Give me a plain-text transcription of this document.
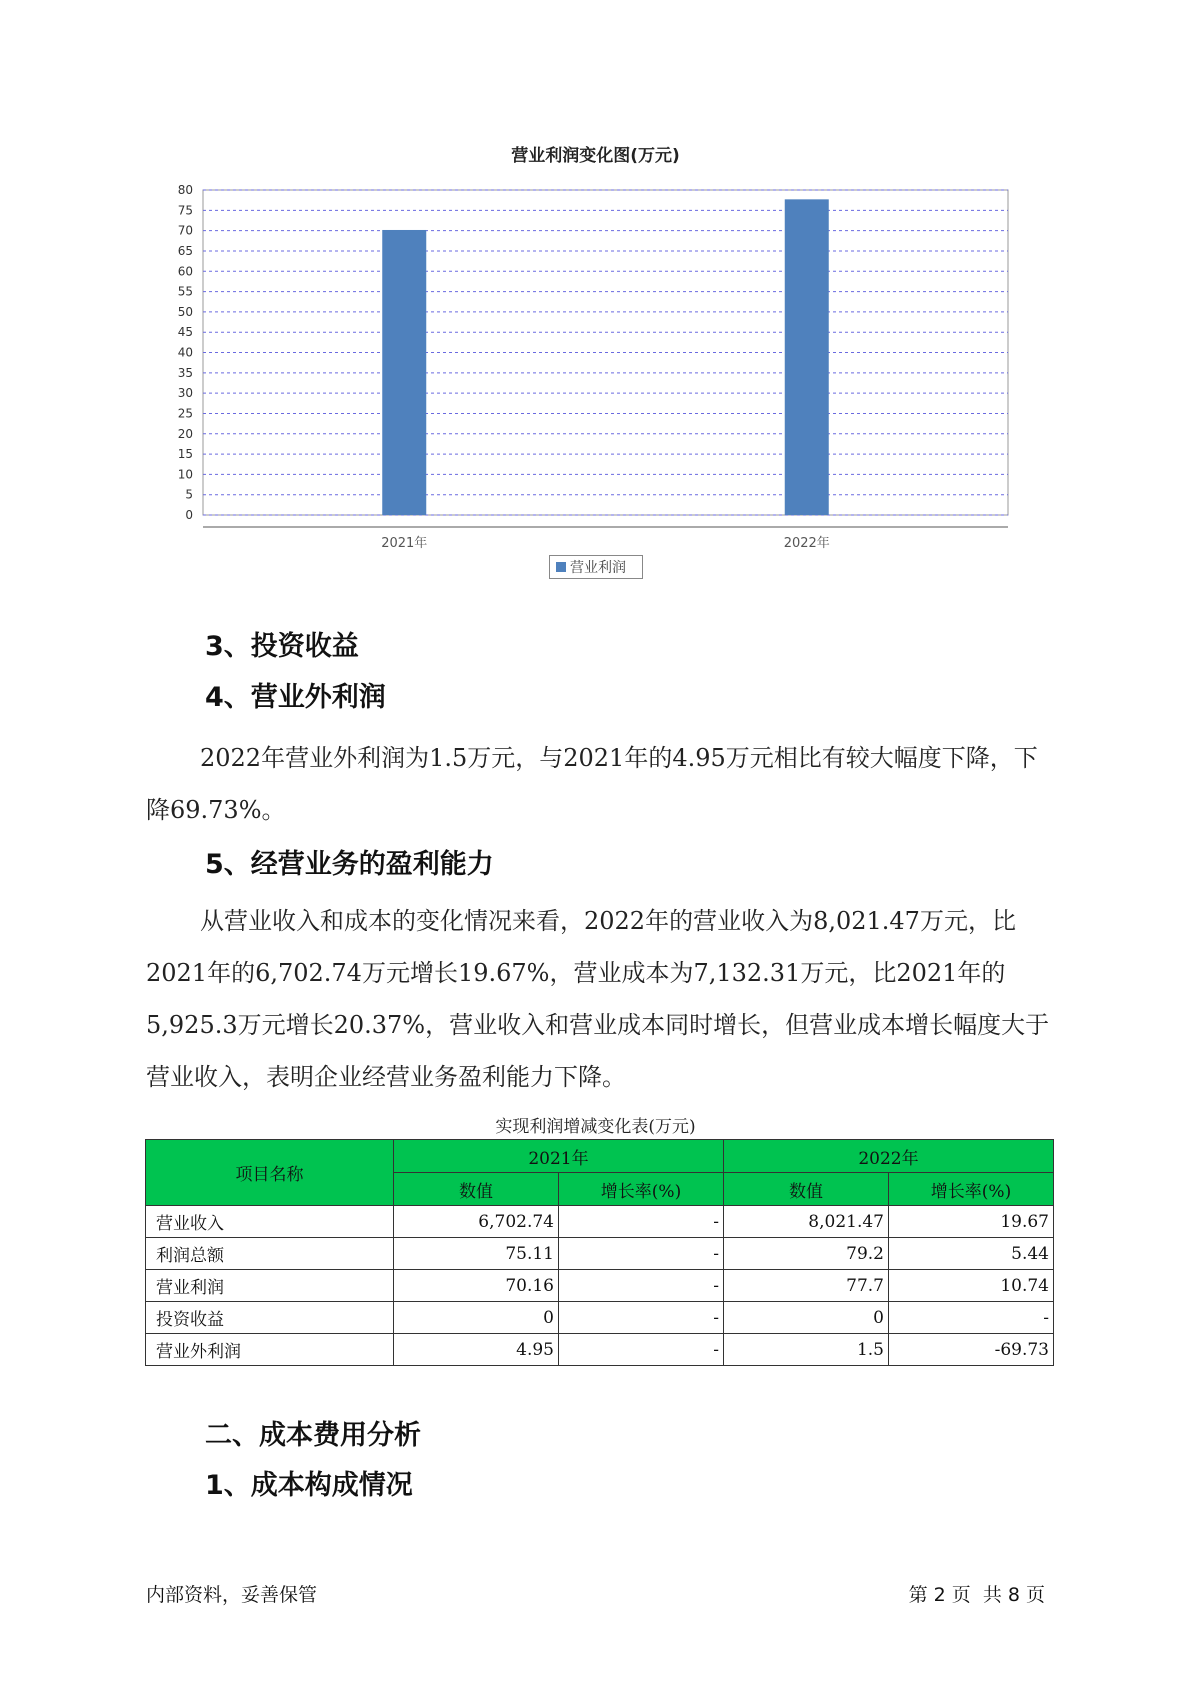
营业利润变化图(万元)
0
5
10
15
20
25
30
35
40
45
50
55
60
65
70
75
80
2021年	2022年
营业利润
3、投资收益
4、营业外利润
2022年营业外利润为1.5万元，与2021年的4.95万元相比有较大幅度下降，下降69.73%。
5、经营业务的盈利能力
从营业收入和成本的变化情况来看，2022年的营业收入为8,021.47万元，比2021年的6,702.74万元增长19.67%，营业成本为7,132.31万元，比2021年的5,925.3万元增长20.37%，营业收入和营业成本同时增长，但营业成本增长幅度大于营业收入，表明企业经营业务盈利能力下降。
实现利润增减变化表(万元)
项目名称	2021年		2022年	
	数值	增长率(%)	数值	增长率(%)
营业收入	6,702.74	-	8,021.47	19.67
利润总额	75.11	-	79.2	5.44
营业利润	70.16	-	77.7	10.74
投资收益	0	-	0	-
营业外利润	4.95	-	1.5	-69.73
二、成本费用分析
1、成本构成情况
内部资料，妥善保管	第 2 页  共 8 页
